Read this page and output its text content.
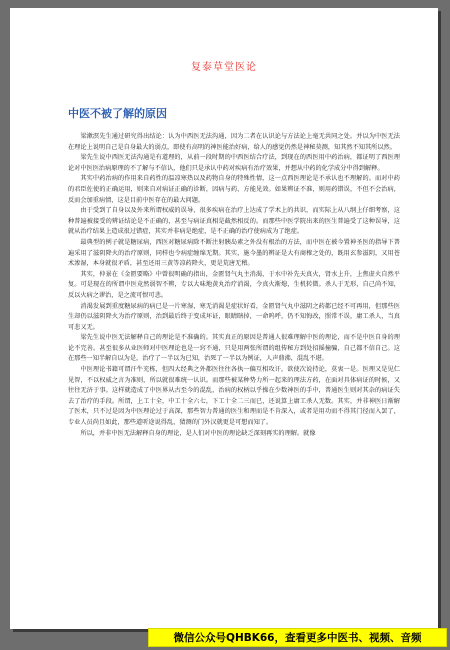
复泰草堂医论
中医不被了解的原因

梁漱溟先生通过研究得出结论：认为中西医无法沟通，因为二者在认识论与方法论上毫无共同之处。并以为中医无法在理论上说明自己是自身最大的弱点，即使有高明的神医能治好病，给人的感觉仍然是神秘莫测，知其然不知其所以然。

梁先生说中西医无法沟通是有道理的，从前一段时期的中西医结合疗法，到现在的西医用中药治病，都证明了西医理论对中医医治病原理的不了解与不信认，他们只是承认中药对疾病有治疗效果，并想从中药的化学成分中得到解释。

其实中药治病的作用来自药性的温凉寒热以及药物自身的特殊性情，这一点西医理论是不承认也不理解的。而对中药的君臣佐使的正确运用，则来自对病证正确的诊断，因病与药，方能见效。如果辨证不准，则用药错误，不但不会治病，反而会加重病情，这是目前中医存在的最大问题。

由于受到了自身以及外来所谓权威的误导，很多疾病在治疗上达成了学术上的共识，而实际上从八纲上仔细考察，这种普遍被接受的辨证结论是不正确的，甚至与病证真相是截然相反的。而那些中医学院出来的医生普遍受了这种误导，这就从治疗结果上造成很过错症，其实并非病是绝症，是不正确的治疗使病成为了绝症。

最典型的例子就是糖尿病，西医对糖尿病除不断注射胰岛素之外没有根治的方法，而中医在被今置神圣医的指导下普遍采用了滋阴降火的治疗原则，同样也令病症缠绵无期。其实，施今墨的辨证是大有商榷之处的，既用玄参滋阴，又用苍术渗湿，本身就很矛盾，甚至还用三黄等凉药降火，更是荒唐无稽。

其实，仲景在《金匮要略》中曾很明确的指出，金匮肾气丸主消渴，于水中补先天真火，肾水上升，上焦虚火自然平复。可是现在的所谓中医竟然弱智不辨，专以大味地黄丸治疗消渴，令真火渐熄，生机转微。杀人于无形，自己尚不知，反以火病之谬治，是之流可恨可悲。

消渴发展到重度糖尿病的病已是一片寒湿，寒无消渴是症状好看，金匮肾气丸中滋阴之药都已经不可再用，但那些医生却仍以滋阴降火为治疗原则，治到最后终于变成坏证，眼睛瞎掉，一命呜呼，仍不知悔改，照常不误，庸工杀人，当真可悲又无。

梁先生说中医无法解释自己的理论是不准确的。其实真正的原因是普通人很难理解中医的理论，而不是中医自身的理论不完善。甚至很多从业医师对中医理论也是一窍不通，只是用两张所谓的组传秘方到处招摇撞骗，自己都不信自己。这在那些一知半解自以为是，治疗了一半以为已知，治死了一半以为例证，人声鼎沸，混乱不堪。

中医理论书籍可谓汗牛充栋，但四大经典之外都医往往各执一偏互相攻讦，欲使次说持论，莫衷一是。医理又是见仁见智，不以权威之言为准则，所以就很难统一认识。而那些被某种势力所一起来的理法方药，在面对具体病证的时候，又往往无济于事。这样就造成了中医界从古至今的混乱，治病的权柄以乎操在少数神医的手中，普通医生则对其杂的病证失去了治疗的手段。所谓，上工十全，中工十全六七，下工十全二三而已，还说算上庸工杀人无数。其实，并非神医日渐解了医术，只不过是因为中医理论过于高深，那些智力普通的医生和理而是不肯深入，或者是用功而不得其门径而入罢了，专业人员尚且如此，那些道听途说得乱，猜测的门外汉就更是可想而知了。

所以，并非中医无法解释自身的理论，是人们对中医的理论缺乏深刻再实的理解。就像

微信公众号QHBK66，查看更多中医书、视频、音频
